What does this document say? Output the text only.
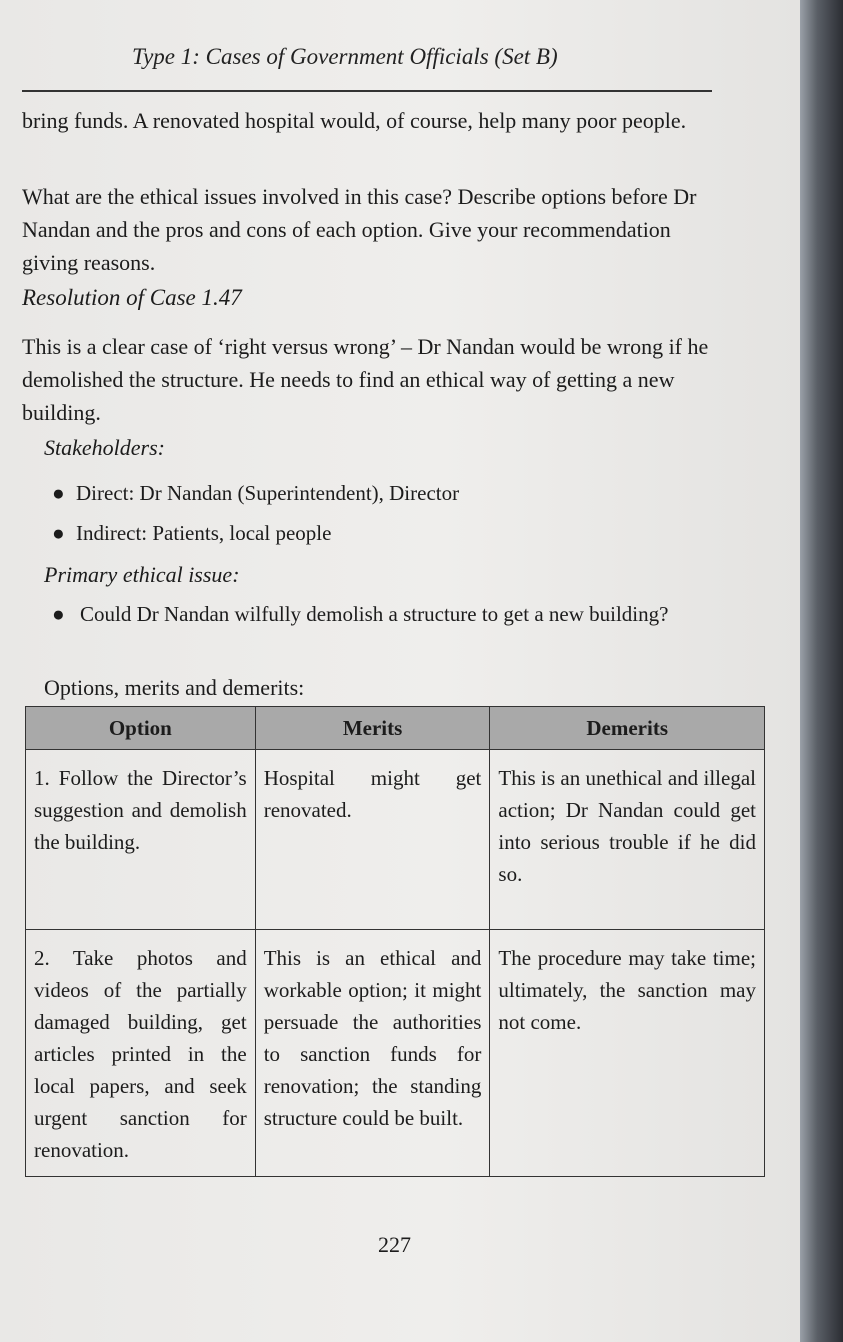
Type 1: Cases of Government Officials (Set B)

bring funds. A renovated hospital would, of course, help many poor people.

What are the ethical issues involved in this case? Describe options before Dr Nandan and the pros and cons of each option. Give your recommendation giving reasons.

Resolution of Case 1.47

This is a clear case of ‘right versus wrong’ – Dr Nandan would be wrong if he demolished the structure. He needs to find an ethical way of getting a new building.

Stakeholders:

● Direct: Dr Nandan (Superintendent), Director

● Indirect: Patients, local people

Primary ethical issue:

● Could Dr Nandan wilfully demolish a structure to get a new building?

Options, merits and demerits:

Option	Merits	Demerits
1. Follow the Director’s suggestion and demolish the building.	Hospital might get renovated.	This is an unethical and illegal action; Dr Nandan could get into serious trouble if he did so.
2. Take photos and videos of the partially damaged building, get articles printed in the local papers, and seek urgent sanction for renovation.	This is an ethical and workable option; it might persuade the authorities to sanction funds for renovation; the standing structure could be built.	The procedure may take time; ultimately, the sanction may not come.

227
